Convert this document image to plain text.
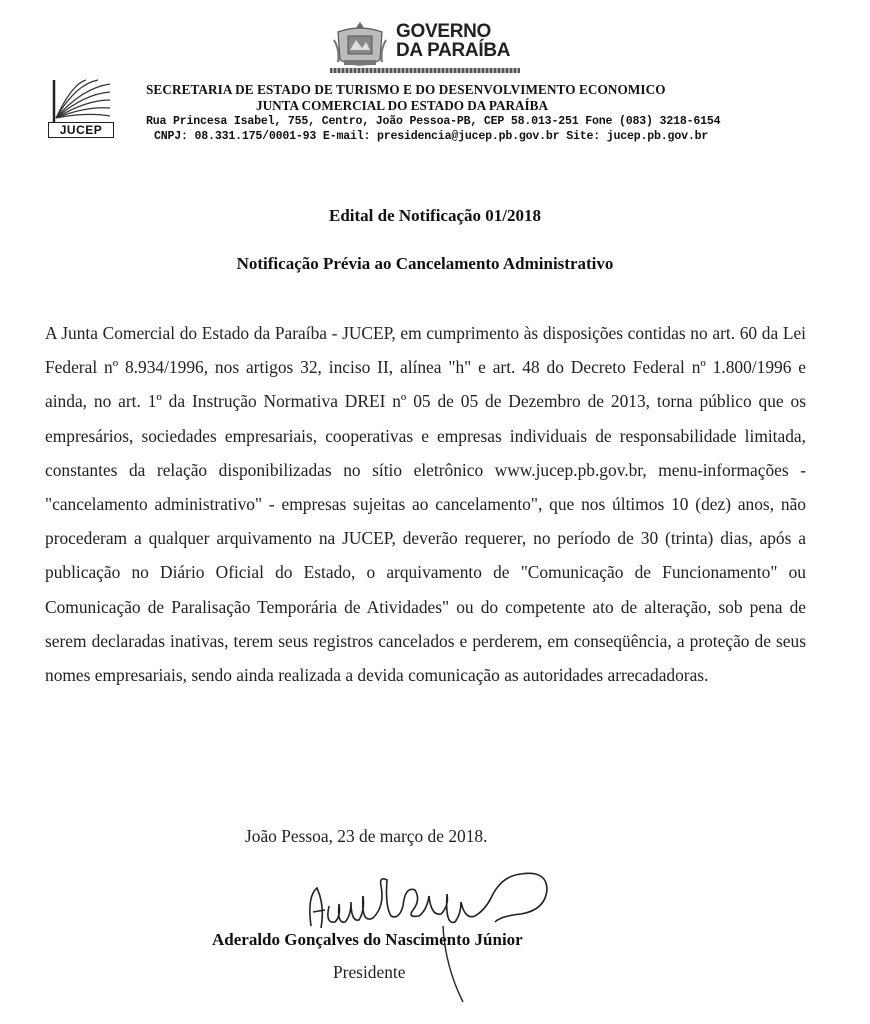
GOVERNO
DA PARAÍBA
JUCEP
SECRETARIA DE ESTADO DE TURISMO E DO DESENVOLVIMENTO ECONOMICO
JUNTA COMERCIAL DO ESTADO DA PARAÍBA
Rua Princesa Isabel, 755, Centro, João Pessoa-PB, CEP 58.013-251 Fone (083) 3218-6154
CNPJ: 08.331.175/0001-93 E-mail: presidencia@jucep.pb.gov.br Site: jucep.pb.gov.br
Edital de Notificação 01/2018
Notificação Prévia ao Cancelamento Administrativo
A Junta Comercial do Estado da Paraíba - JUCEP, em cumprimento às disposições contidas no art. 60 da Lei Federal nº 8.934/1996, nos artigos 32, inciso II, alínea "h" e art. 48 do Decreto Federal nº 1.800/1996 e ainda, no art. 1º da Instrução Normativa DREI nº 05 de 05 de Dezembro de 2013, torna público que os empresários, sociedades empresariais, cooperativas e empresas individuais de responsabilidade limitada, constantes da relação disponibilizadas no sítio eletrônico www.jucep.pb.gov.br, menu-informações - "cancelamento administrativo" - empresas sujeitas ao cancelamento", que nos últimos 10 (dez) anos, não procederam a qualquer arquivamento na JUCEP, deverão requerer, no período de 30 (trinta) dias, após a publicação no Diário Oficial do Estado, o arquivamento de "Comunicação de Funcionamento" ou Comunicação de Paralisação Temporária de Atividades" ou do competente ato de alteração, sob pena de serem declaradas inativas, terem seus registros cancelados e perderem, em conseqüência, a proteção de seus nomes empresariais, sendo ainda realizada a devida comunicação as autoridades arrecadadoras.
João Pessoa, 23 de março de 2018.
Aderaldo Gonçalves do Nascimento Júnior
Presidente
